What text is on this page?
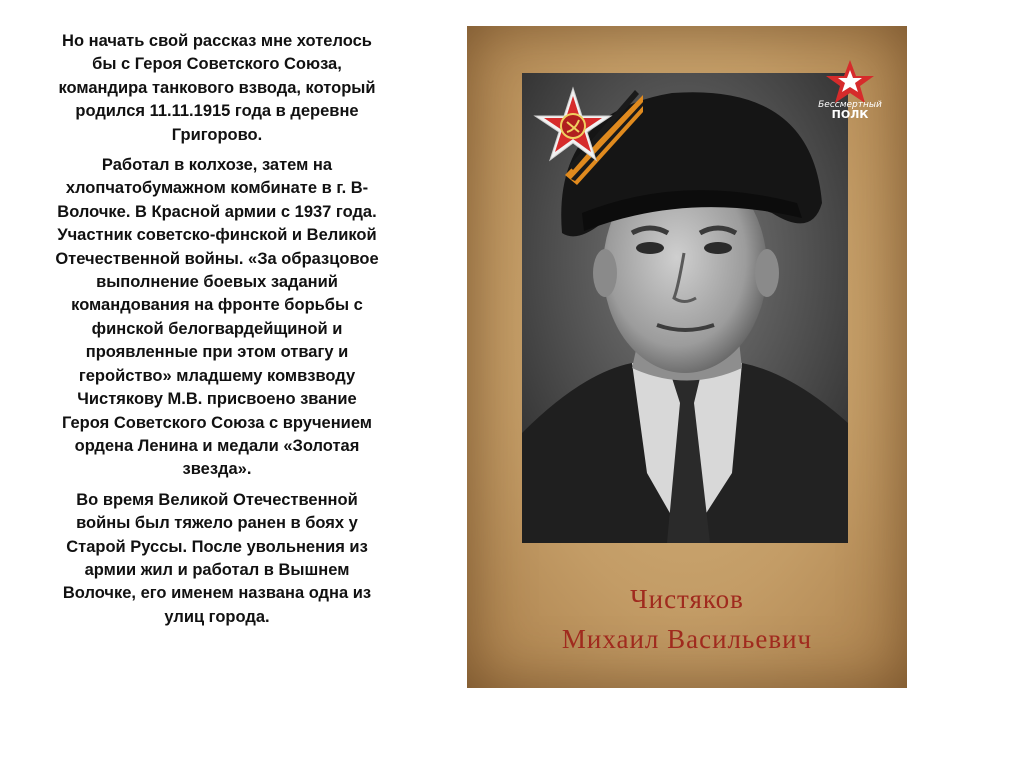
Но начать свой рассказ мне хотелось бы с Героя Советского Союза, командира танкового взвода, который родился 11.11.1915 года в деревне Григорово.

Работал в колхозе, затем на хлопчатобумажном комбинате в г. В-Волочке. В Красной армии с 1937 года. Участник советско-финской и Великой Отечественной войны. «За образцовое выполнение боевых заданий командования на фронте борьбы с финской белогвардейщиной и проявленные при этом отвагу и геройство» младшему комвзводу Чистякову М.В. присвоено звание Героя Советского Союза с вручением ордена Ленина и медали «Золотая звезда».

Во время Великой Отечественной войны был тяжело ранен в боях у Старой Руссы. После увольнения из армии жил и работал в Вышнем Волочке, его именем названа одна из улиц города.

Бессмертный
ПОЛК
Чистяков
Михаил Васильевич
